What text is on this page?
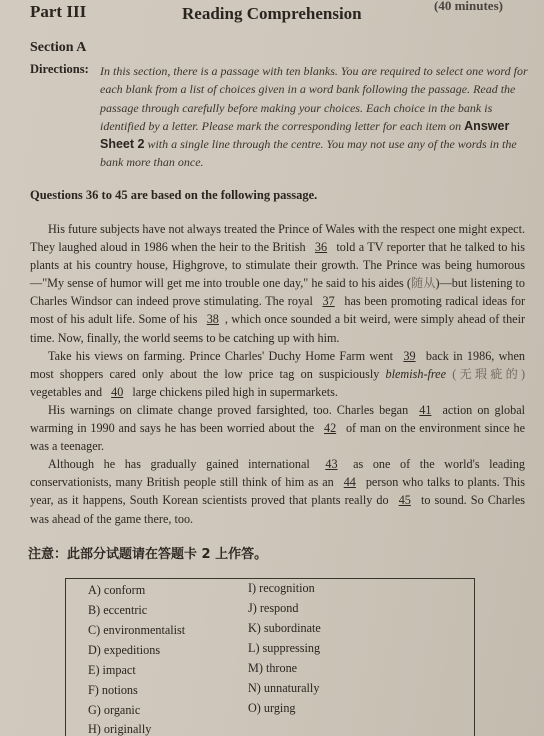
Part III	Reading Comprehension	(40 minutes)
Section A
Directions: In this section, there is a passage with ten blanks. You are required to select one word for each blank from a list of choices given in a word bank following the passage. Read the passage through carefully before making your choices. Each choice in the bank is identified by a letter. Please mark the corresponding letter for each item on Answer Sheet 2 with a single line through the centre. You may not use any of the words in the bank more than once.
Questions 36 to 45 are based on the following passage.

His future subjects have not always treated the Prince of Wales with the respect one might expect. They laughed aloud in 1986 when the heir to the British 36 told a TV reporter that he talked to his plants at his country house, Highgrove, to stimulate their growth. The Prince was being humorous—"My sense of humor will get me into trouble one day," he said to his aides (随从)—but listening to Charles Windsor can indeed prove stimulating. The royal 37 has been promoting radical ideas for most of his adult life. Some of his 38 , which once sounded a bit weird, were simply ahead of their time. Now, finally, the world seems to be catching up with him.

Take his views on farming. Prince Charles' Duchy Home Farm went 39 back in 1986, when most shoppers cared only about the low price tag on suspiciously blemish-free (无瑕疵的) vegetables and 40 large chickens piled high in supermarkets.

His warnings on climate change proved farsighted, too. Charles began 41 action on global warming in 1990 and says he has been worried about the 42 of man on the environment since he was a teenager.

Although he has gradually gained international 43 as one of the world's leading conservationists, many British people still think of him as an 44 person who talks to plants. This year, as it happens, South Korean scientists proved that plants really do 45 to sound. So Charles was ahead of the game there, too.

注意：此部分试题请在答题卡 2 上作答。
A) conform
B) eccentric
C) environmentalist
D) expeditions
E) impact
F) notions
G) organic
H) originally
I) recognition
J) respond
K) subordinate
L) suppressing
M) throne
N) unnaturally
O) urging
